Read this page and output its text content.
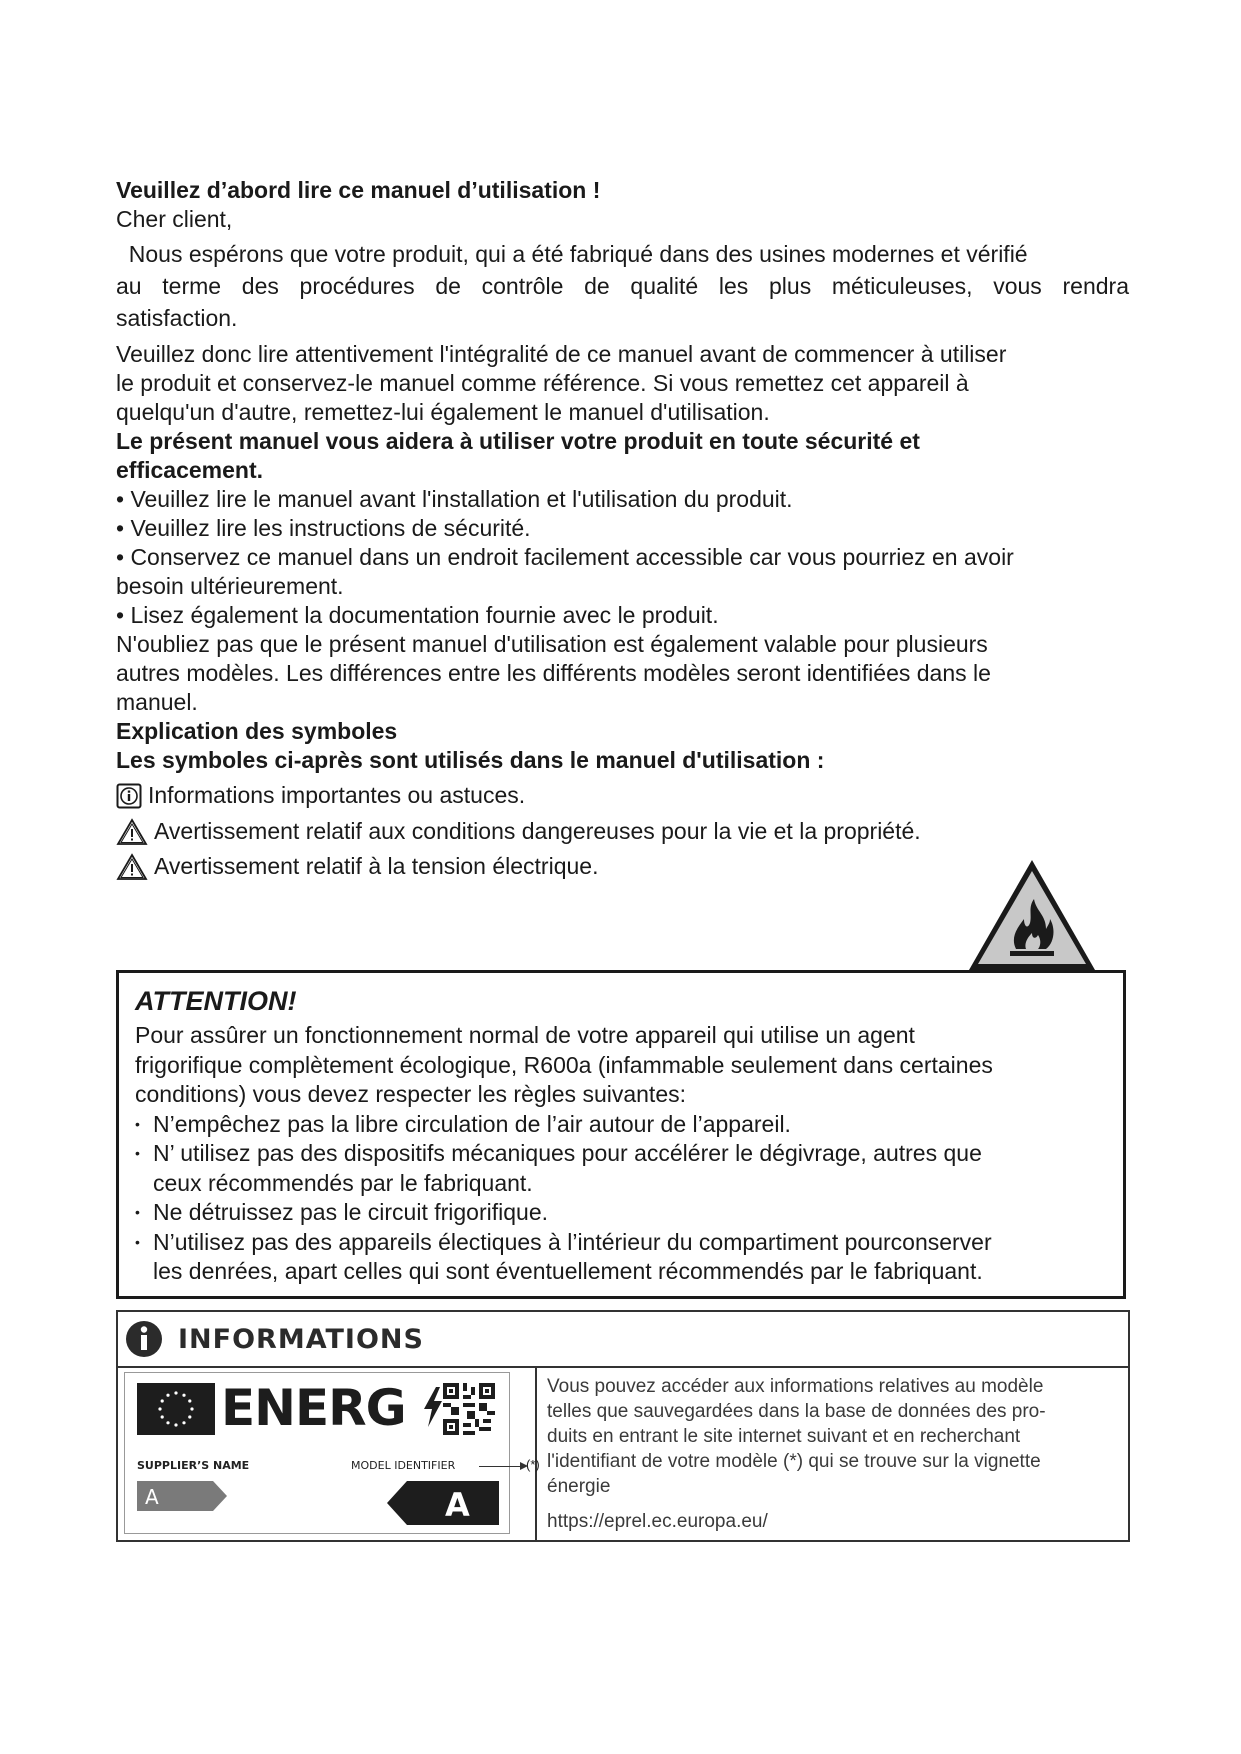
Veuillez d’abord lire ce manuel d’utilisation !
Cher client,
Nous espérons que votre produit, qui a été fabriqué dans des usines modernes et vérifié
au terme des procédures de contrôle de qualité les plus méticuleuses, vous rendra
satisfaction.
Veuillez donc lire attentivement l'intégralité de ce manuel avant de commencer à utiliser
le produit et conservez-le manuel comme référence. Si vous remettez cet appareil à
quelqu'un d'autre, remettez-lui également le manuel d'utilisation.
Le présent manuel vous aidera à utiliser votre produit en toute sécurité et
efficacement.
• Veuillez lire le manuel avant l'installation et l'utilisation du produit.
• Veuillez lire les instructions de sécurité.
• Conservez ce manuel dans un endroit facilement accessible car vous pourriez en avoir
besoin ultérieurement.
• Lisez également la documentation fournie avec le produit.
N'oubliez pas que le présent manuel d'utilisation est également valable pour plusieurs
autres modèles. Les différences entre les différents modèles seront identifiées dans le
manuel.
Explication des symboles
Les symboles ci-après sont utilisés dans le manuel d'utilisation :
Informations importantes ou astuces.
Avertissement relatif aux conditions dangereuses pour la vie et la propriété.
Avertissement relatif à la tension électrique.
ATTENTION!
Pour assûrer un fonctionnement normal de votre appareil qui utilise un agent
frigorifique complètement écologique, R600a (infammable seulement dans certaines
conditions) vous devez respecter les règles suivantes:
• N’empêchez pas la libre circulation de l’air autour de l’appareil.
• N’ utilisez pas des dispositifs mécaniques pour accélérer le dégivrage, autres que
ceux récommendés par le fabriquant.
• Ne détruissez pas le circuit frigorifique.
• N’utilisez pas des appareils électiques à l’intérieur du compartiment pourconserver
les denrées, apart celles qui sont éventuellement récommendés par le fabriquant.
INFORMATIONS
ENERG
SUPPLIER’S NAME	MODEL IDENTIFIER	(*)
A	A
Vous pouvez accéder aux informations relatives au modèle
telles que sauvegardées dans la base de données des pro-
duits en entrant le site internet suivant et en recherchant
l'identifiant de votre modèle (*) qui se trouve sur la vignette
énergie
https://eprel.ec.europa.eu/
